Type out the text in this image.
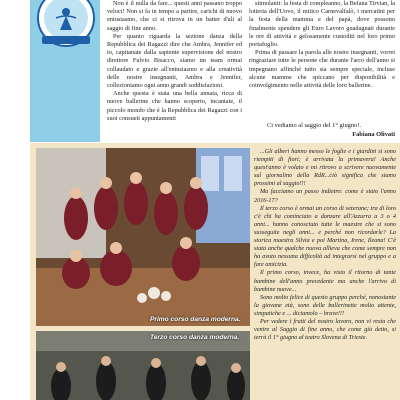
Non è il nulla da fare... questi anni passano troppo veloci! Non si fa in tempo a partire, carichi di nuovo entusiasmo, che ci si ritrova in un batter d'ali al saggio di fine anno.

Per quanto riguarda la sezione danza della Repubblica dei Ragazzi dire che Ambra, Jennifer ed io, capitanate dalla sapiente supervisione del nostro direttore Fulvio Bisacco, siamo un team ormai collaudato e grazie all'entusiasmo e alla creatività delle nostre insegnanti, Ambra e Jennifer, collezioniamo ogni anno grandi soddisfazioni.

Anche questa è stata una bella annata, ricca di nuove ballerine che hanno scoperto, incantate, il piccolo mondo che è la Repubblica dei Ragazzi con i suoi consueti appuntamenti

stimolanti: la festa di compleanno, la Befana Tirvian, la lotteria dell'Uovo, il mitico Carnevalfalò, i mercatini per la festa della mamma e del papà, dove possono finalmente spendere gli Euro Lavoro guadagnati durante le ore di attività e gelosamente custoditi nel loro primo portafoglio.

Prima di passare la parola alle nostre insegnanti, vorrei ringraziare tutte le persone che durante l'arco dell'anno si impegnano affinché tutto sia sempre speciale, incluse alcune mamme che spiccano per disponibilità e coinvolgimento nelle attività delle loro ballerine.

Ci vediamo al saggio del 1° giugno!.
Fabiana Olivati
Primo corso danza moderna.
Terzo corso danza moderna.

...Gli alberi hanno messo le foglie e i giardini si sono riempiti di fiori; è arrivata la primavera! Anche quest'anno è volato e mi ritrovo a scrivere nuovamente sul giornalino della RdR...ciò significa che siamo prossimi al saggio!!!

Ma facciamo un passo indietro: come è stato l'anno 2016-17?

Il terzo corso è ormai un corso di veterane; tra di loro c'è chi ha cominciato a danzare all'Azzurra a 3 o 4 anni... hanno conosciuto tutte le maestre che si sono susseguite negli anni... e perché non ricordarle? La storica maestra Silvia e poi Martina, Irene, Ileana! C'è stata anche qualche nuova allieva che come sempre non ha avuto nessuna difficoltà ad integrarsi nel gruppo e a fare amicizia.

Il primo corso, invece, ha visto il ritorno di tante bambine dell'anno precedente ma anche l'arrivo di bambine nuove...

Sono molto felice di questo gruppo perché, nonostante la giovane età, sono delle ballerinette molto attente, simpatiche e ... diciamolo – brave!!!

Per vedere i frutti del nostro lavoro, non vi resta che venire al Saggio di fine anno, che come già detto, si terrà il 1° giugno al teatro Slovena di Trieste.
